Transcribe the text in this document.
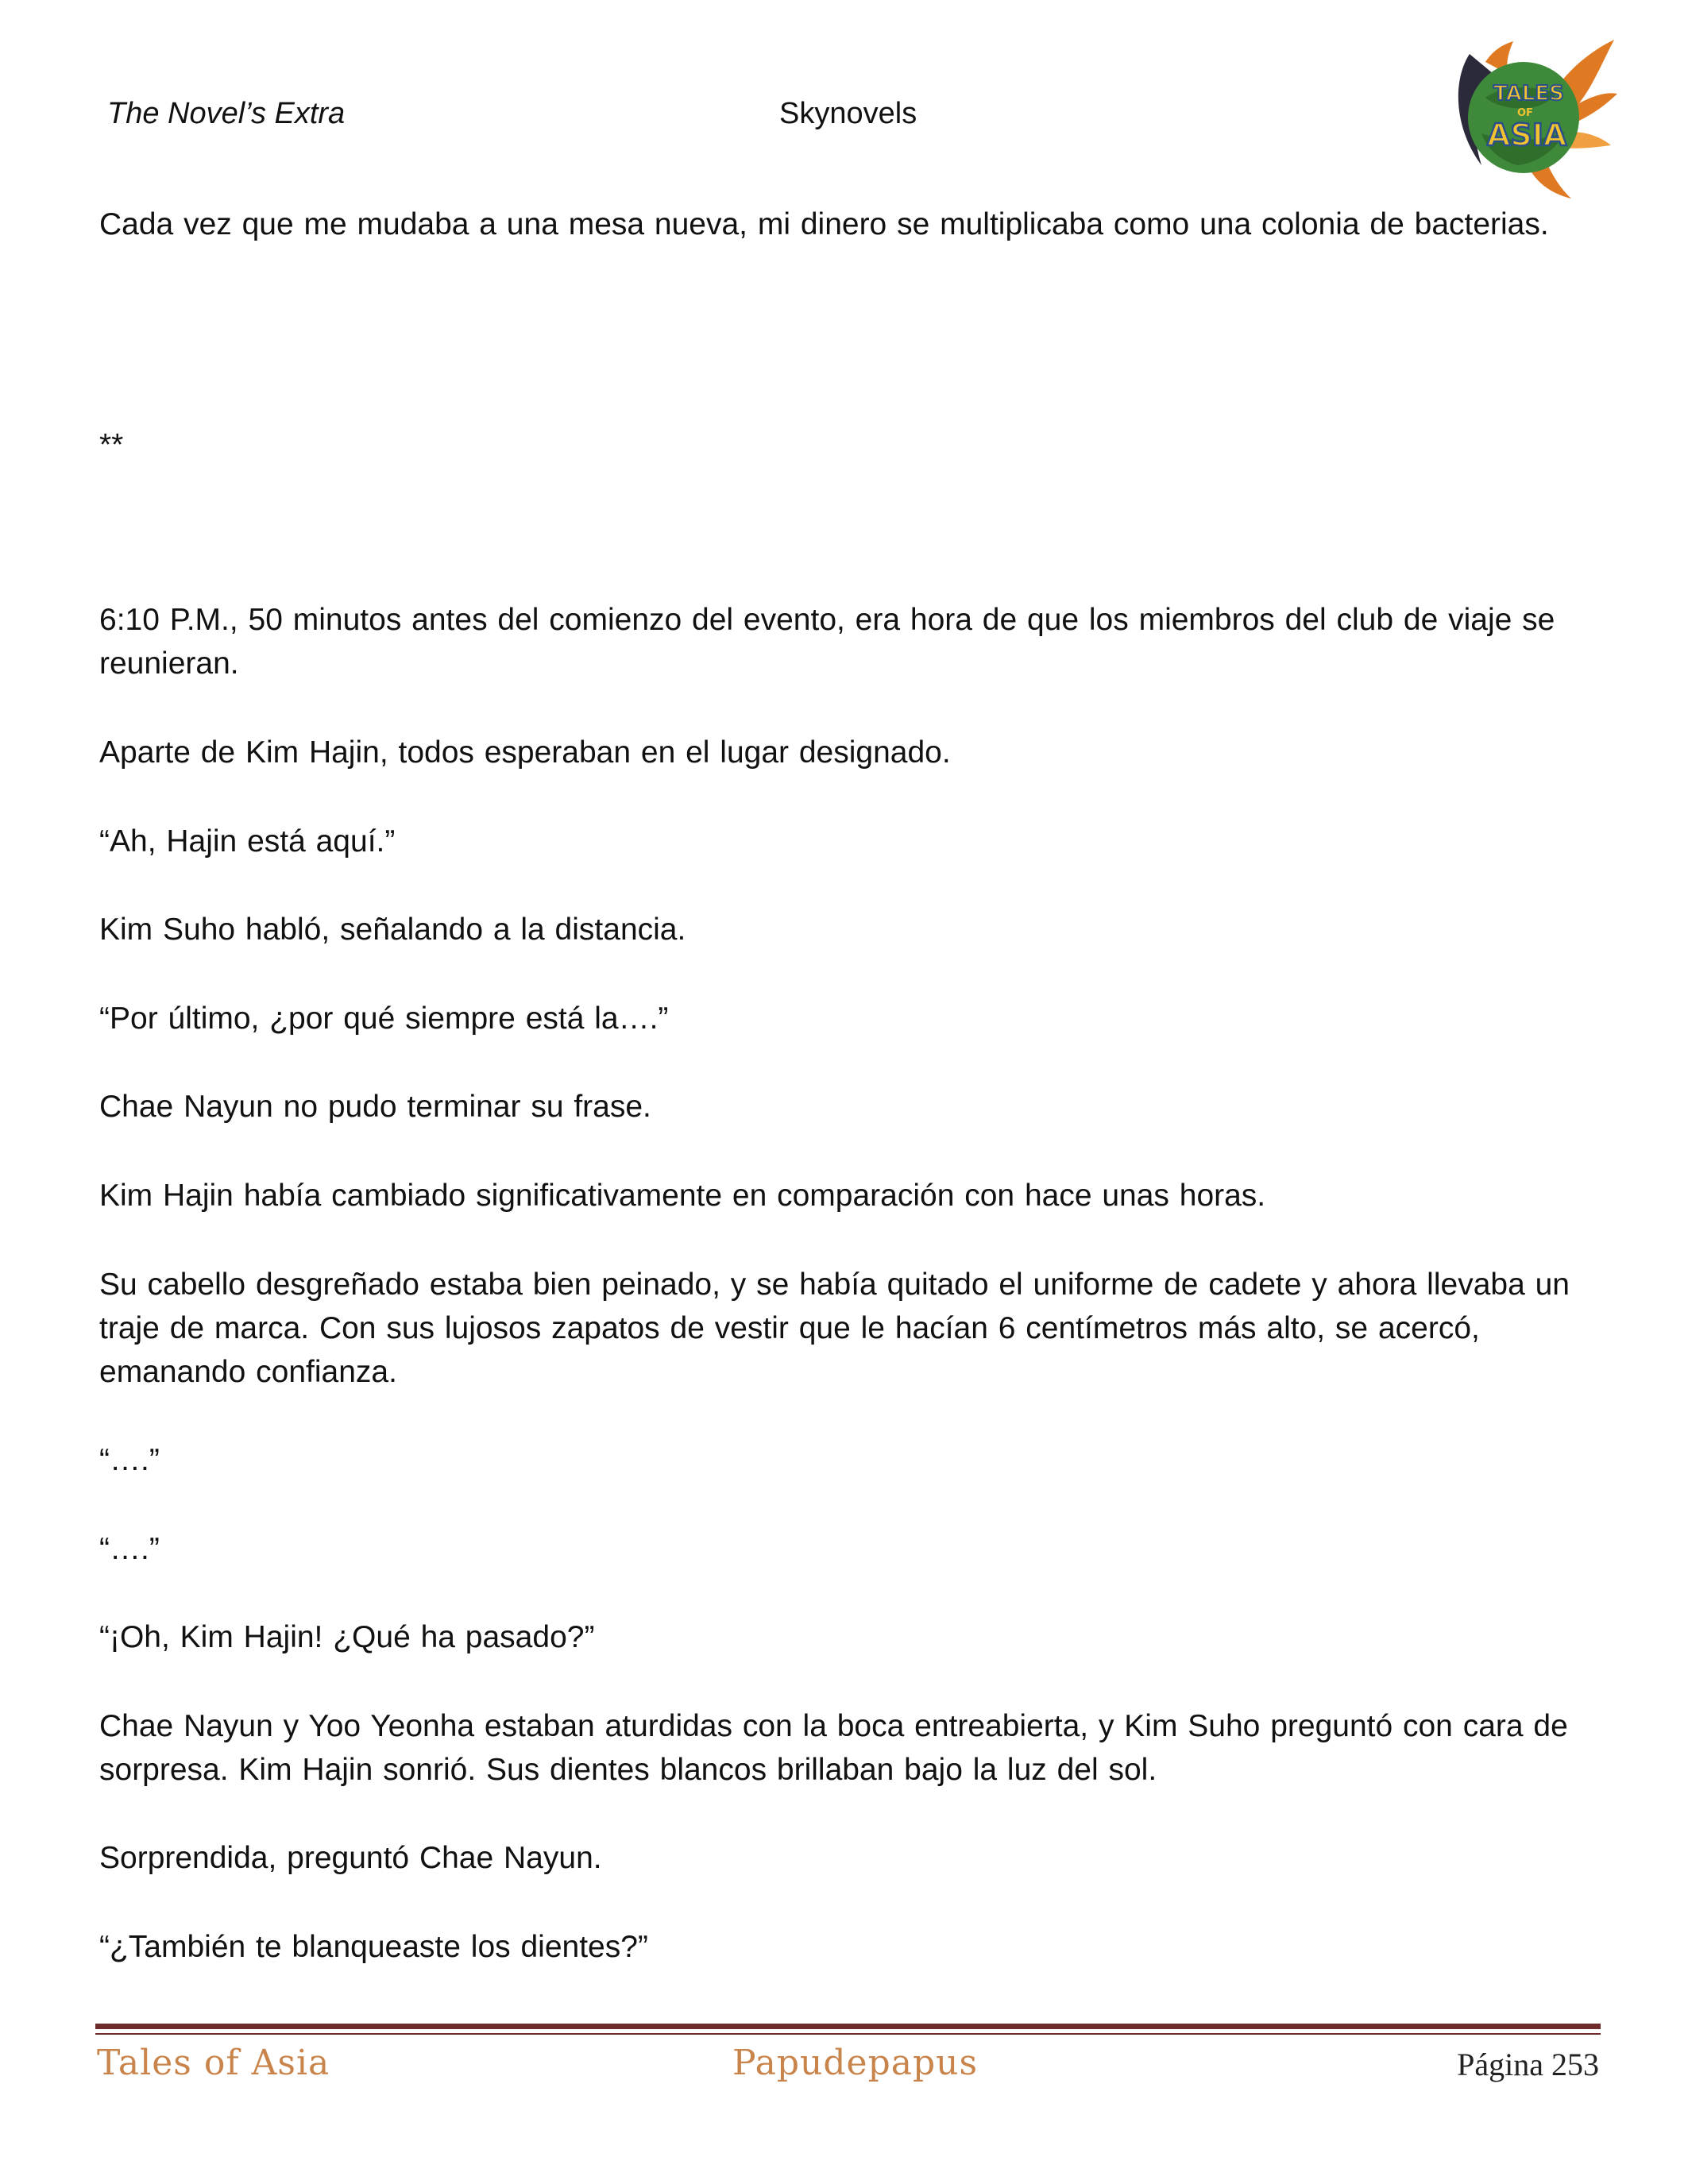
The Novel’s Extra	Skynovels
TALES
OF
ASIA

Cada vez que me mudaba a una mesa nueva, mi dinero se multiplicaba como una colonia de bacterias.

**

6:10 P.M., 50 minutos antes del comienzo del evento, era hora de que los miembros del club de viaje se reunieran.

Aparte de Kim Hajin, todos esperaban en el lugar designado.

“Ah, Hajin está aquí.”

Kim Suho habló, señalando a la distancia.

“Por último, ¿por qué siempre está la….”

Chae Nayun no pudo terminar su frase.

Kim Hajin había cambiado significativamente en comparación con hace unas horas.

Su cabello desgreñado estaba bien peinado, y se había quitado el uniforme de cadete y ahora llevaba un traje de marca. Con sus lujosos zapatos de vestir que le hacían 6 centímetros más alto, se acercó, emanando confianza.

“….”

“….”

“¡Oh, Kim Hajin! ¿Qué ha pasado?”

Chae Nayun y Yoo Yeonha estaban aturdidas con la boca entreabierta, y Kim Suho preguntó con cara de sorpresa. Kim Hajin sonrió. Sus dientes blancos brillaban bajo la luz del sol.

Sorprendida, preguntó Chae Nayun.

“¿También te blanqueaste los dientes?”

Tales of Asia	Papudepapus	Página 253
